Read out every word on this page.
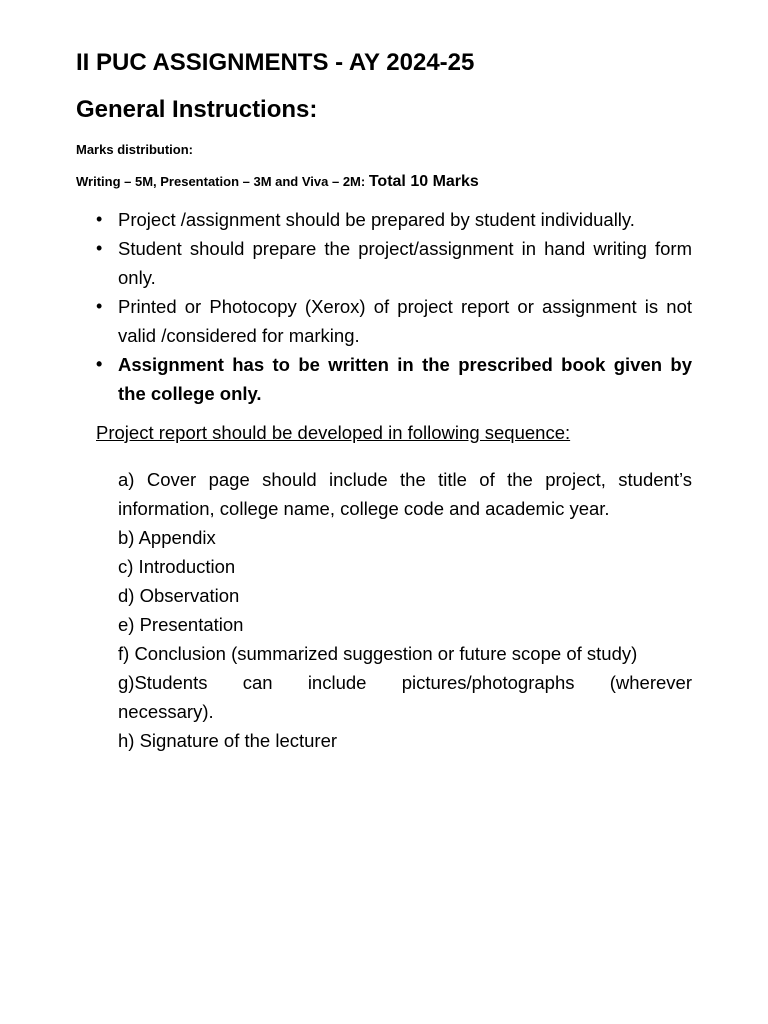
II PUC ASSIGNMENTS - AY 2024-25
General Instructions:

Marks distribution:

Writing – 5M, Presentation – 3M and Viva – 2M: Total 10 Marks

• Project /assignment should be prepared by student individually.
• Student should prepare the project/assignment in hand writing form only.
• Printed or Photocopy (Xerox) of project report or assignment is not valid /considered for marking.
• Assignment has to be written in the prescribed book given by the college only.

Project report should be developed in following sequence:

a) Cover page should include the title of the project, student’s information, college name, college code and academic year.

b) Appendix

c) Introduction

d) Observation

e) Presentation

f) Conclusion (summarized suggestion or future scope of study)

g)Students can include pictures/photographs (wherever

necessary).

h) Signature of the lecturer
